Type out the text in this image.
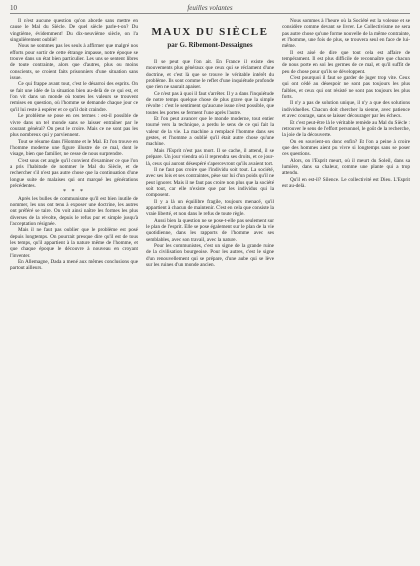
10	feuilles volantes

Il n'est aucune question qu'on aborde sans mettre en cause le Mal du Siècle. De quel siècle parle-t-on? Du vingtième, évidemment! Du dix-neuvième siècle, on l'a singulièrement oublié!

Nous ne sommes pas les seuls à affirmer que malgré nos efforts pour sortir de cette étrange impasse, notre époque se trouve dans un état bien particulier. Les uns se sentent libres de toute contrainte, alors que d'autres, plus ou moins conscients, se croient faits prisonniers d'une situation sans issue.

Ce qui frappe avant tout, c'est le désarroi des esprits. On se fait une idée de la situation bien au-delà de ce qui est, et l'on vit dans un monde où toutes les valeurs se trouvent remises en question, où l'homme se demande chaque jour ce qu'il lui reste à espérer et ce qu'il doit craindre.

Le problème se pose en ces termes : est-il possible de vivre dans un tel monde sans se laisser entraîner par le courant général? On peut le croire. Mais ce ne sont pas les plus nombreux qui y parviennent.

Tout se résume dans l'Homme et le Mal. Et l'on trouve en l'homme moderne une figure illustre de ce mal, dont le visage, bien que familier, ne cesse de nous surprendre.

C'est sous cet angle qu'il convient d'examiner ce que l'on a pris l'habitude de nommer le Mal du Siècle, et de rechercher s'il n'est pas autre chose que la continuation d'une longue suite de malaises qui ont marqué les générations précédentes.

* * *

Après les bulles de communisme qu'il est bien inutile de nommer, les uns ont tenu à exposer une doctrine, les autres ont préféré se taire. On voit ainsi naître les formes les plus diverses de la révolte, depuis le refus pur et simple jusqu'à l'acceptation résignée.

Mais il ne faut pas oublier que le problème est posé depuis longtemps. On pourrait presque dire qu'il est de tous les temps, qu'il appartient à la nature même de l'homme, et que chaque époque le découvre à nouveau en croyant l'inventer.

En Allemagne, Dada a mené aux mêmes conclusions que partout ailleurs.

MAUX DU SIÈCLE
par G. Ribemont-Dessaignes

Il se peut que l'on ait. En France il existe des mouvements plus généraux que ceux qui se réclament d'une doctrine, et c'est là que se trouve le véritable intérêt du problème. Ils sont comme le reflet d'une inquiétude profonde que rien ne saurait apaiser.

Ce n'est pas à quoi il faut s'arrêter. Il y a dans l'inquiétude de notre temps quelque chose de plus grave que la simple révolte : c'est le sentiment qu'aucune issue n'est possible, que toutes les portes se ferment l'une après l'autre.

Et l'on peut avancer que le monde moderne, tout entier tourné vers la technique, a perdu le sens de ce qui fait la valeur de la vie. La machine a remplacé l'homme dans ses gestes, et l'homme a oublié qu'il était autre chose qu'une machine.

Mais l'Esprit n'est pas mort. Il se cache, il attend, il se prépare. Un jour viendra où il reprendra ses droits, et ce jour-là, ceux qui auront désespéré s'apercevront qu'ils avaient tort.

Il ne faut pas croire que l'individu soit tout. La société, avec ses lois et ses contraintes, pèse sur lui d'un poids qu'il ne peut ignorer. Mais il ne faut pas croire non plus que la société soit tout, car elle n'existe que par les individus qui la composent.

Il y a là un équilibre fragile, toujours menacé, qu'il appartient à chacun de maintenir. C'est en cela que consiste la vraie liberté, et non dans le refus de toute règle.

Aussi bien la question ne se pose-t-elle pas seulement sur le plan de l'esprit. Elle se pose également sur le plan de la vie quotidienne, dans les rapports de l'homme avec ses semblables, avec son travail, avec la nature.

Pour les communistes, c'est un signe de la grande ruine de la civilisation bourgeoise. Pour les autres, c'est le signe d'un renouvellement qui se prépare, d'une aube qui se lève sur les ruines d'un monde ancien.

Nous sommes à l'heure où la Société est la voleuse et se considère comme devant se livrer. Le Collectivisme ne sera pas autre chose qu'une forme nouvelle de la même contrainte, et l'homme, une fois de plus, se trouvera seul en face de lui-même.

Il est aisé de dire que tout cela est affaire de tempérament. Il est plus difficile de reconnaître que chacun de nous porte en soi les germes de ce mal, et qu'il suffit de peu de chose pour qu'ils se développent.

C'est pourquoi il faut se garder de juger trop vite. Ceux qui ont cédé au désespoir ne sont pas toujours les plus faibles, et ceux qui ont résisté ne sont pas toujours les plus forts.

Il n'y a pas de solution unique, il n'y a que des solutions individuelles. Chacun doit chercher la sienne, avec patience et avec courage, sans se laisser décourager par les échecs.

Et c'est peut-être là le véritable remède au Mal du Siècle : retrouver le sens de l'effort personnel, le goût de la recherche, la joie de la découverte.

On en souvient-on donc enfin? Et l'on a peine à croire que des hommes aient pu vivre si longtemps sans se poser ces questions.

Alors, on l'Esprit meurt, où il meurt du Soleil, dans sa lumière, dans sa chaleur, comme une plante qui a trop attendu.

Qu'il en est-il? Silence. Le collectivité est Dieu. L'Esprit est au-delà.
